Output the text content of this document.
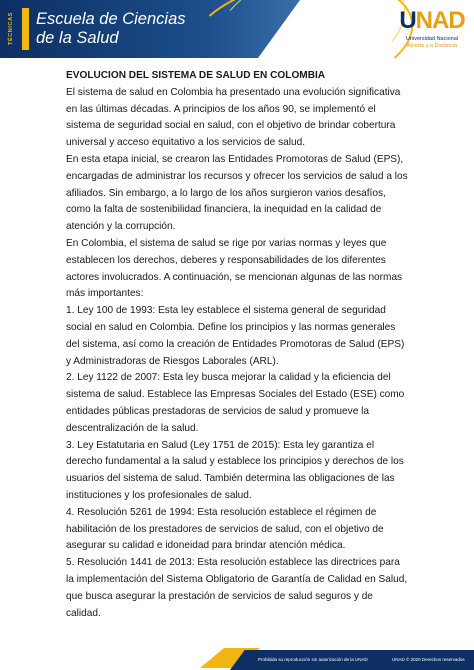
TÉCNICAS	Escuela de Ciencias
de la Salud
UNAD
Universidad Nacional
Abierta y a Distancia
EVOLUCION DEL SISTEMA DE SALUD EN COLOMBIA

El sistema de salud en Colombia ha presentado una evolución significativa en las últimas décadas. A principios de los años 90, se implementó el sistema de seguridad social en salud, con el objetivo de brindar cobertura universal y acceso equitativo a los servicios de salud.

En esta etapa inicial, se crearon las Entidades Promotoras de Salud (EPS), encargadas de administrar los recursos y ofrecer los servicios de salud a los afiliados. Sin embargo, a lo largo de los años surgieron varios desafíos, como la falta de sostenibilidad financiera, la inequidad en la calidad de atención y la corrupción.

En Colombia, el sistema de salud se rige por varias normas y leyes que establecen los derechos, deberes y responsabilidades de los diferentes actores involucrados. A continuación, se mencionan algunas de las normas más importantes:

1. Ley 100 de 1993: Esta ley establece el sistema general de seguridad social en salud en Colombia. Define los principios y las normas generales del sistema, así como la creación de Entidades Promotoras de Salud (EPS) y Administradoras de Riesgos Laborales (ARL).

2. Ley 1122 de 2007: Esta ley busca mejorar la calidad y la eficiencia del sistema de salud. Establece las Empresas Sociales del Estado (ESE) como entidades públicas prestadoras de servicios de salud y promueve la descentralización de la salud.

3. Ley Estatutaria en Salud (Ley 1751 de 2015): Esta ley garantiza el derecho fundamental a la salud y establece los principios y derechos de los usuarios del sistema de salud. También determina las obligaciones de las instituciones y los profesionales de salud.

4. Resolución 5261 de 1994: Esta resolución establece el régimen de habilitación de los prestadores de servicios de salud, con el objetivo de asegurar su calidad e idoneidad para brindar atención médica.

5. Resolución 1441 de 2013: Esta resolución establece las directrices para la implementación del Sistema Obligatorio de Garantía de Calidad en Salud, que busca asegurar la prestación de servicios de salud seguros y de calidad.

Prohibida su reproducción sin autorización de la UNAD	UNAD © 2020 Derechos reservados
